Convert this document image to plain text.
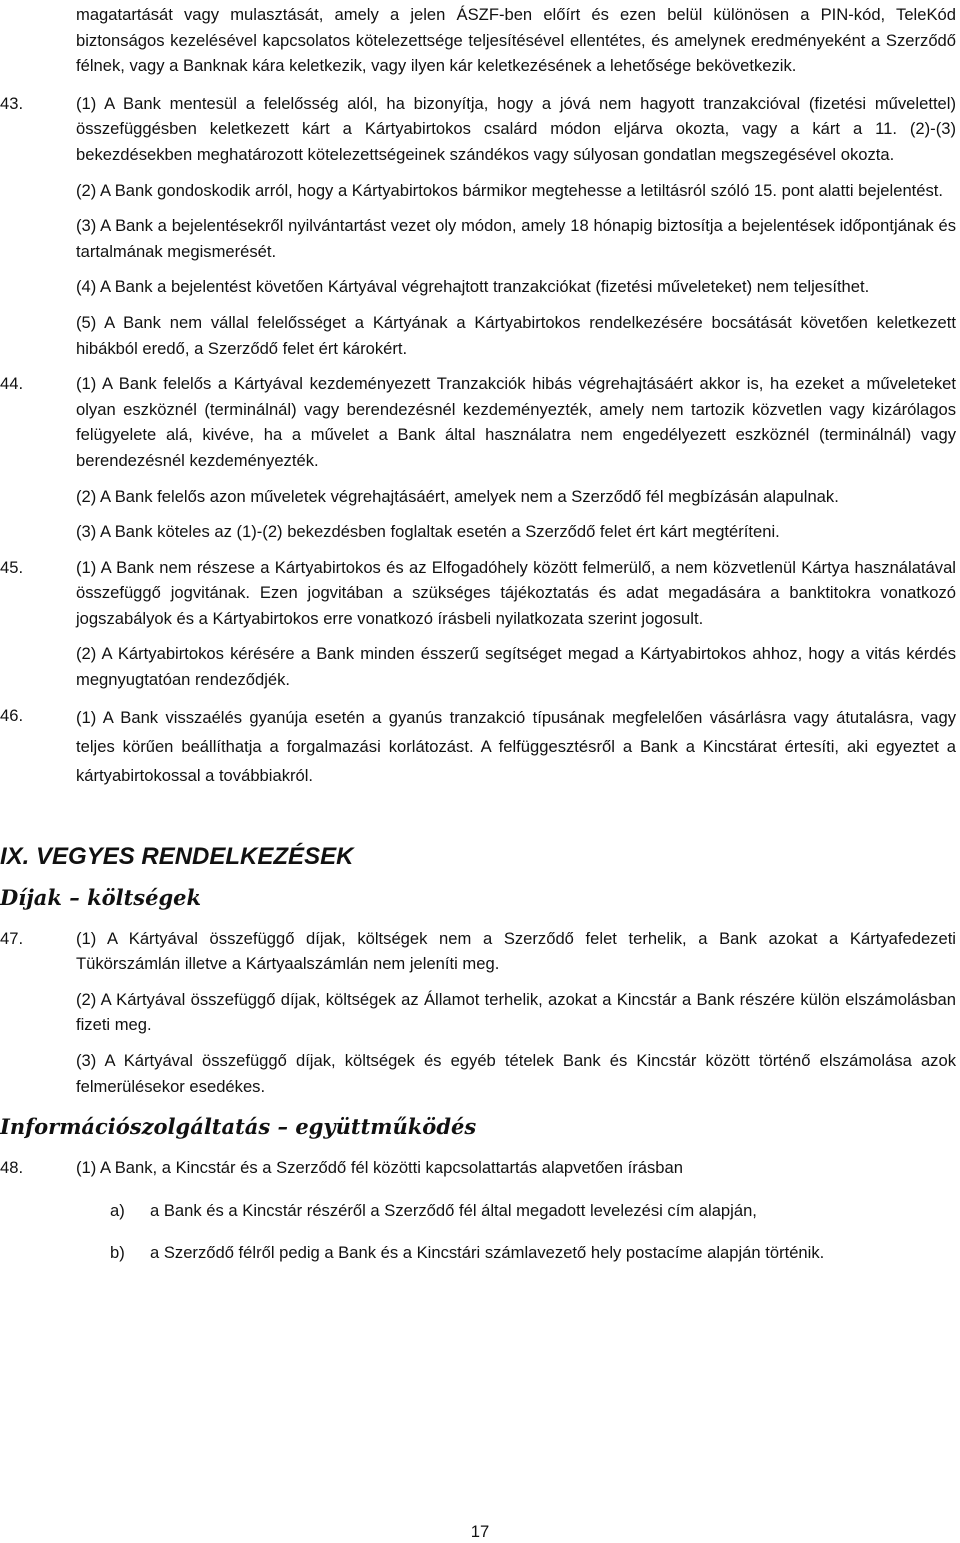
magatartását vagy mulasztását, amely a jelen ÁSZF-ben előírt és ezen belül különösen a PIN-kód, TeleKód biztonságos kezelésével kapcsolatos kötelezettsége teljesítésével ellentétes, és amelynek eredményeként a Szerződő félnek, vagy a Banknak kára keletkezik, vagy ilyen kár keletkezésének a lehetősége bekövetkezik.
43.	(1) A Bank mentesül a felelősség alól, ha bizonyítja, hogy a jóvá nem hagyott tranzakcióval (fizetési művelettel) összefüggésben keletkezett kárt a Kártyabirtokos csalárd módon eljárva okozta, vagy a kárt a 11. (2)-(3) bekezdésekben meghatározott kötelezettségeinek szándékos vagy súlyosan gondatlan megszegésével okozta.
(2) A Bank gondoskodik arról, hogy a Kártyabirtokos bármikor megtehesse a letiltásról szóló 15. pont alatti bejelentést.
(3) A Bank a bejelentésekről nyilvántartást vezet oly módon, amely 18 hónapig biztosítja a bejelentések időpontjának és tartalmának megismerését.
(4) A Bank a bejelentést követően Kártyával végrehajtott tranzakciókat (fizetési műveleteket) nem teljesíthet.
(5) A Bank nem vállal felelősséget a Kártyának a Kártyabirtokos rendelkezésére bocsátását követően keletkezett hibákból eredő, a Szerződő felet ért károkért.
44.	(1) A Bank felelős a Kártyával kezdeményezett Tranzakciók hibás végrehajtásáért akkor is, ha ezeket a műveleteket olyan eszköznél (terminálnál) vagy berendezésnél kezdeményezték, amely nem tartozik közvetlen vagy kizárólagos felügyelete alá, kivéve, ha a művelet a Bank által használatra nem engedélyezett eszköznél (terminálnál) vagy berendezésnél kezdeményezték.
(2) A Bank felelős azon műveletek végrehajtásáért, amelyek nem a Szerződő fél megbízásán alapulnak.
(3) A Bank köteles az (1)-(2) bekezdésben foglaltak esetén a Szerződő felet ért kárt megtéríteni.
45.	(1) A Bank nem részese a Kártyabirtokos és az Elfogadóhely között felmerülő, a nem közvetlenül Kártya használatával összefüggő jogvitának. Ezen jogvitában a szükséges tájékoztatás és adat megadására a banktitokra vonatkozó jogszabályok és a Kártyabirtokos erre vonatkozó írásbeli nyilatkozata szerint jogosult.
(2) A Kártyabirtokos kérésére a Bank minden ésszerű segítséget megad a Kártyabirtokos ahhoz, hogy a vitás kérdés megnyugtatóan rendeződjék.
46.	(1) A Bank visszaélés gyanúja esetén a gyanús tranzakció típusának megfelelően vásárlásra vagy átutalásra, vagy teljes körűen beállíthatja a forgalmazási korlátozást. A felfüggesztésről a Bank a Kincstárat értesíti, aki egyeztet a kártyabirtokossal a továbbiakról.
IX. VEGYES RENDELKEZÉSEK
Díjak – költségek
47.	(1) A Kártyával összefüggő díjak, költségek nem a Szerződő felet terhelik, a Bank azokat a Kártyafedezeti Tükörszámlán illetve a Kártyaalszámlán nem jeleníti meg.
(2) A Kártyával összefüggő díjak, költségek az Államot terhelik, azokat a Kincstár a Bank részére külön elszámolásban fizeti meg.
(3) A Kártyával összefüggő díjak, költségek és egyéb tételek Bank és Kincstár között történő elszámolása azok felmerülésekor esedékes.
Információszolgáltatás – együttműködés
48.	(1) A Bank, a Kincstár és a Szerződő fél közötti kapcsolattartás alapvetően írásban
a) a Bank és a Kincstár részéről a Szerződő fél által megadott levelezési cím alapján,
b) a Szerződő félről pedig a Bank és a Kincstári számlavezető hely postacíme alapján történik.
17
